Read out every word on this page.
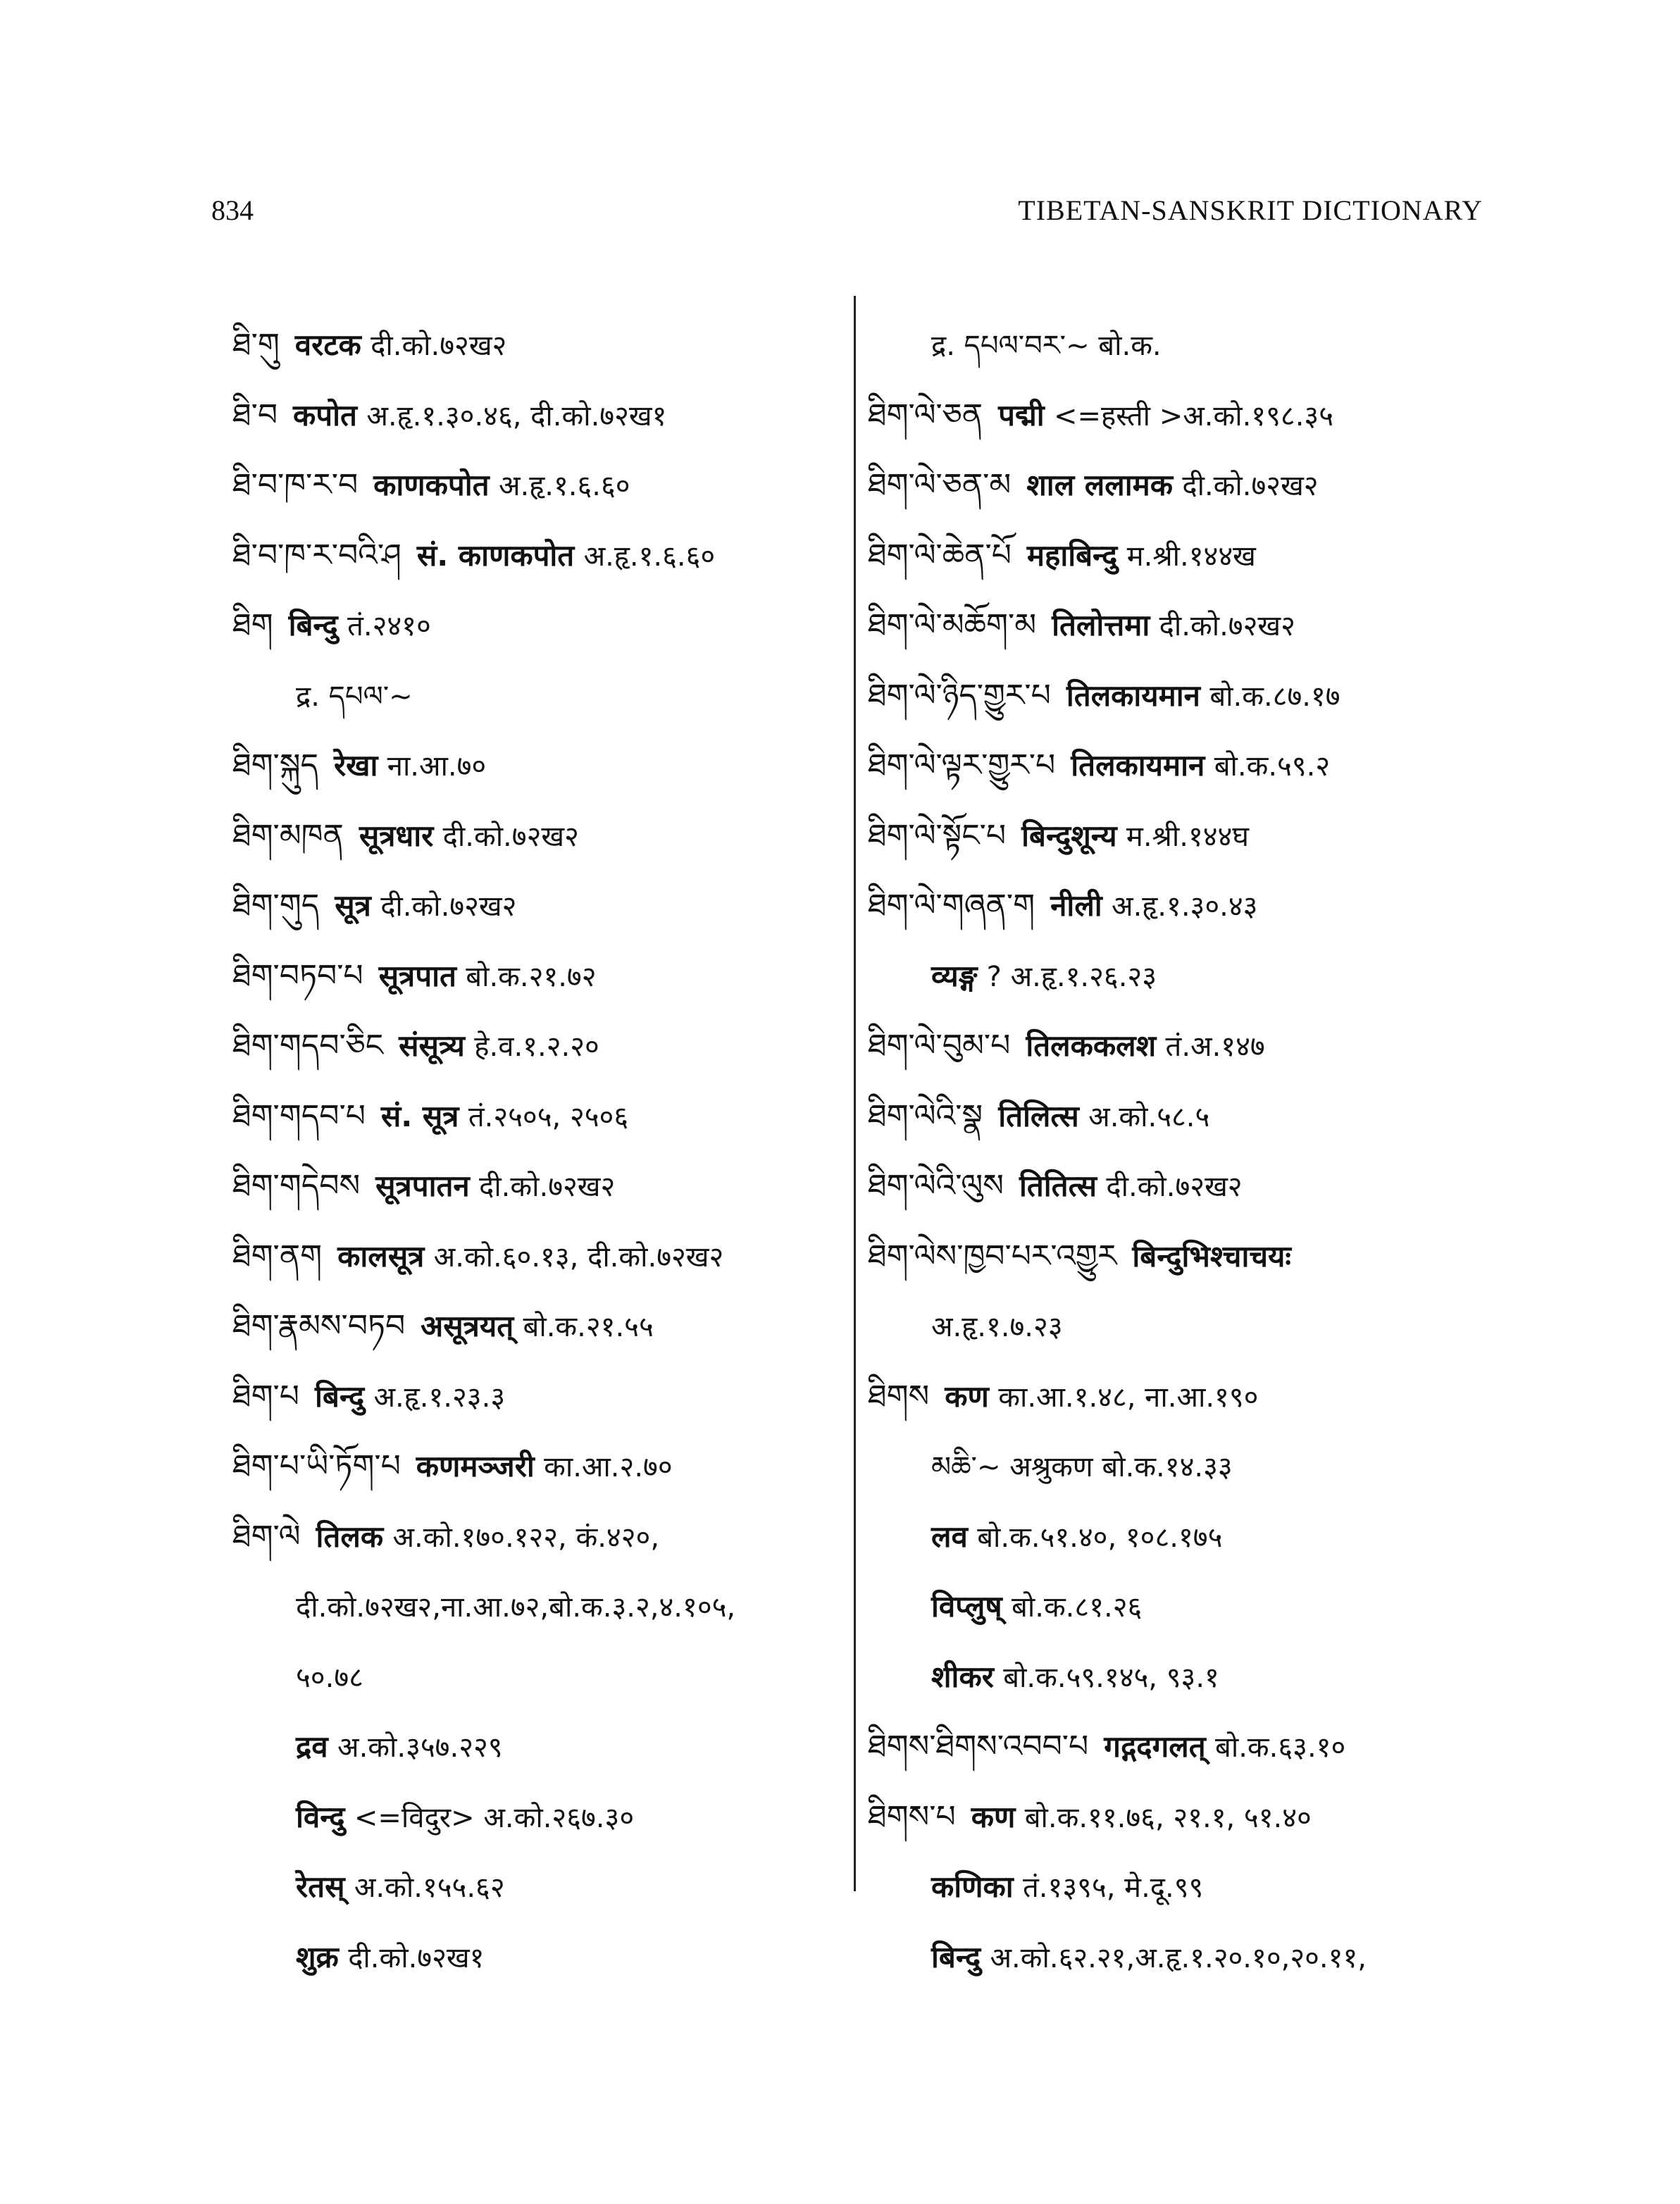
834	TIBETAN-SANSKRIT DICTIONARY
ཐི་གུ वरटक दी.को.७२ख२
ཐི་བ कपोत अ.हृ.१.३०.४६, दी.को.७२ख१
ཐི་བ་ཁ་ར་བ काणकपोत अ.हृ.१.६.६०
ཐི་བ་ཁ་ར་བའི་ཤ सं. काणकपोत अ.हृ.१.६.६०
ཐིག बिन्दु तं.२४१०
द्र. དཔལ་~
ཐིག་སྐུད रेखा ना.आ.७०
ཐིག་མཁན सूत्रधार दी.को.७२ख२
ཐིག་གུད सूत्र दी.को.७२ख२
ཐིག་བཏབ་པ सूत्रपात बो.क.२१.७२
ཐིག་གདབ་ཅིང संसूत्र्य हे.व.१.२.२०
ཐིག་གདབ་པ सं. सूत्र तं.२५०५, २५०६
ཐིག་གདེབས सूत्रपातन दी.को.७२ख२
ཐིག་ནག कालसूत्र अ.को.६०.१३, दी.को.७२ख२
ཐིག་རྣམས་བཏབ असूत्रयत् बो.क.२१.५५
ཐིག་པ बिन्दु अ.हृ.१.२३.३
ཐིག་པ་ཡི་ཏོག་པ कणमञ्जरी का.आ.२.७०
ཐིག་ལེ तिलक अ.को.१७०.१२२, कं.४२०,
दी.को.७२ख२,ना.आ.७२,बो.क.३.२,४.१०५,
५०.७८
द्रव अ.को.३५७.२२९
विन्दु <=विदुर> अ.को.२६७.३०
रेतस् अ.को.१५५.६२
शुक्र दी.को.७२ख१
द्र. དཔལ་བར་~ बो.क.
ཐིག་ལེ་ཅན पद्मी <=हस्ती >अ.को.१९८.३५
ཐིག་ལེ་ཅན་མ शाल ललामक दी.को.७२ख२
ཐིག་ལེ་ཆེན་པོ महाबिन्दु म.श्री.१४४ख
ཐིག་ལེ་མཆོག་མ तिलोत्तमा दी.को.७२ख२
ཐིག་ལེ་ཉིད་གྱུར་པ तिलकायमान बो.क.८७.१७
ཐིག་ལེ་ལྟར་གྱུར་པ तिलकायमान बो.क.५९.२
ཐིག་ལེ་སྟོང་པ बिन्दुशून्य म.श्री.१४४घ
ཐིག་ལེ་གཞན་ག नीली अ.हृ.१.३०.४३
व्यङ्ग ? अ.हृ.१.२६.२३
ཐིག་ལེ་བུམ་པ तिलककलश तं.अ.१४७
ཐིག་ལེའི་སྣ तिलित्स अ.को.५८.५
ཐིག་ལེའི་ལུས तितित्स दी.को.७२ख२
ཐིག་ལེས་ཁྱབ་པར་འགྱུར बिन्दुभिश्चाचयः
अ.हृ.१.७.२३
ཐིགས कण का.आ.१.४८, ना.आ.१९०
མཆི་~ अश्रुकण बो.क.१४.३३
लव बो.क.५१.४०, १०८.१७५
विप्लुष् बो.क.८१.२६
शीकर बो.क.५९.१४५, ९३.१
ཐིགས་ཐིགས་འབབ་པ गद्गदगलत् बो.क.६३.१०
ཐིགས་པ कण बो.क.११.७६, २१.१, ५१.४०
कणिका तं.१३९५, मे.दू.९९
बिन्दु अ.को.६२.२१,अ.हृ.१.२०.१०,२०.११,
